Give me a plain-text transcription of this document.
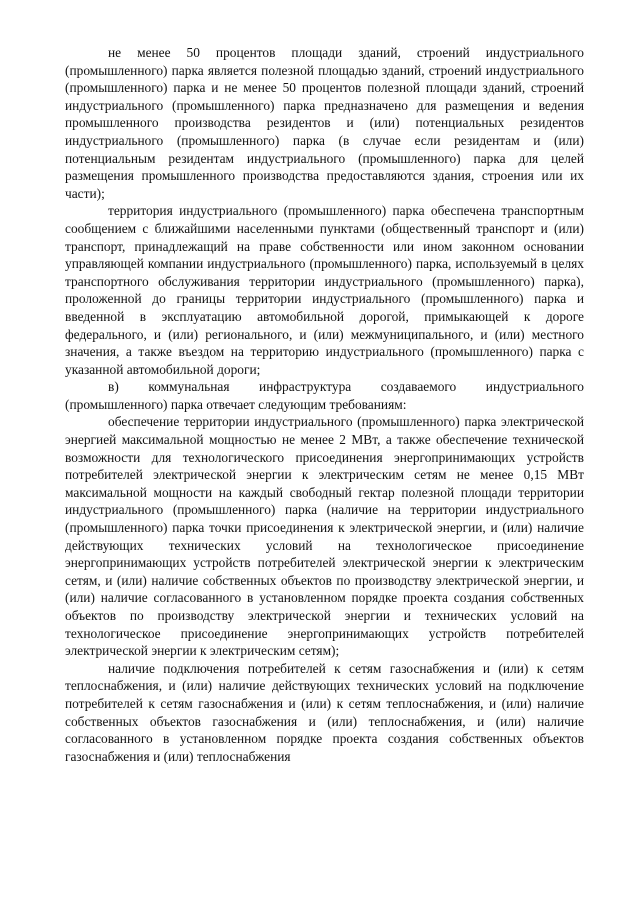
не менее 50 процентов площади зданий, строений индустриального (промышленного) парка является полезной площадью зданий, строений индустриального (промышленного) парка и не менее 50 процентов полезной площади зданий, строений индустриального (промышленного) парка предназначено для размещения и ведения промышленного производства резидентов и (или) потенциальных резидентов индустриального (промышленного) парка (в случае если резидентам и (или) потенциальным резидентам индустриального (промышленного) парка для целей размещения промышленного производства предоставляются здания, строения или их части);

территория индустриального (промышленного) парка обеспечена транспортным сообщением с ближайшими населенными пунктами (общественный транспорт и (или) транспорт, принадлежащий на праве собственности или ином законном основании управляющей компании индустриального (промышленного) парка, используемый в целях транспортного обслуживания территории индустриального (промышленного) парка), проложенной до границы территории индустриального (промышленного) парка и введенной в эксплуатацию автомобильной дорогой, примыкающей к дороге федерального, и (или) регионального, и (или) межмуниципального, и (или) местного значения, а также въездом на территорию индустриального (промышленного) парка с указанной автомобильной дороги;

в) коммунальная инфраструктура создаваемого индустриального (промышленного) парка отвечает следующим требованиям:

обеспечение территории индустриального (промышленного) парка электрической энергией максимальной мощностью не менее 2 МВт, а также обеспечение технической возможности для технологического присоединения энергопринимающих устройств потребителей электрической энергии к электрическим сетям не менее 0,15 МВт максимальной мощности на каждый свободный гектар полезной площади территории индустриального (промышленного) парка (наличие на территории индустриального (промышленного) парка точки присоединения к электрической энергии, и (или) наличие действующих технических условий на технологическое присоединение энергопринимающих устройств потребителей электрической энергии к электрическим сетям, и (или) наличие собственных объектов по производству электрической энергии, и (или) наличие согласованного в установленном порядке проекта создания собственных объектов по производству электрической энергии и технических условий на технологическое присоединение энергопринимающих устройств потребителей электрической энергии к электрическим сетям);

наличие подключения потребителей к сетям газоснабжения и (или) к сетям теплоснабжения, и (или) наличие действующих технических условий на подключение потребителей к сетям газоснабжения и (или) к сетям теплоснабжения, и (или) наличие собственных объектов газоснабжения и (или) теплоснабжения, и (или) наличие согласованного в установленном порядке проекта создания собственных объектов газоснабжения и (или) теплоснабжения
